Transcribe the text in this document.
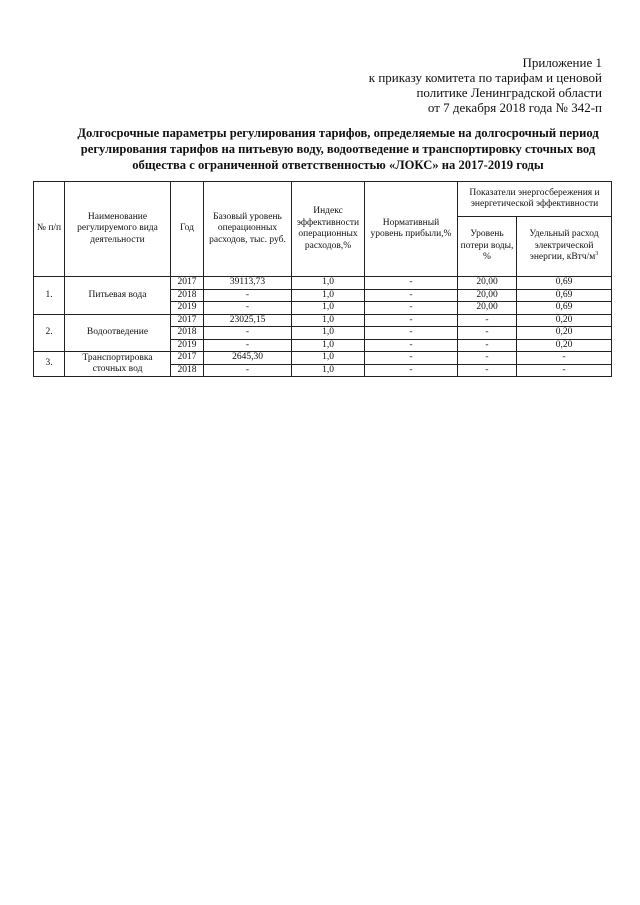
Приложение 1
к приказу комитета по тарифам и ценовой
политике Ленинградской области
от 7 декабря 2018 года № 342-п
Долгосрочные параметры регулирования тарифов, определяемые на долгосрочный период
регулирования тарифов на питьевую воду, водоотведение и транспортировку сточных вод
общества с ограниченной ответственностью «ЛОКС» на 2017-2019 годы
№ п/п	Наименование регулируемого вида деятельности	Год	Базовый уровень операционных расходов, тыс. руб.	Индекс эффективности операционных расходов,%	Нормативный уровень прибыли,%	Показатели энергосбережения и энергетической эффективности	
						Уровень потери воды, %	Удельный расход электрической энергии, кВтч/$м^3$
1.	Питьевая вода	2017	39113,73	1,0	-	20,00	0,69
		2018	-	1,0	-	20,00	0,69
		2019	-	1,0	-	20,00	0,69
2.	Водоотведение	2017	23025,15	1,0	-	-	0,20
		2018	-	1,0	-	-	0,20
		2019	-	1,0	-	-	0,20
3.	Транспортировка сточных вод	2017	2645,30	1,0	-	-	-
		2018	-	1,0	-	-	-
